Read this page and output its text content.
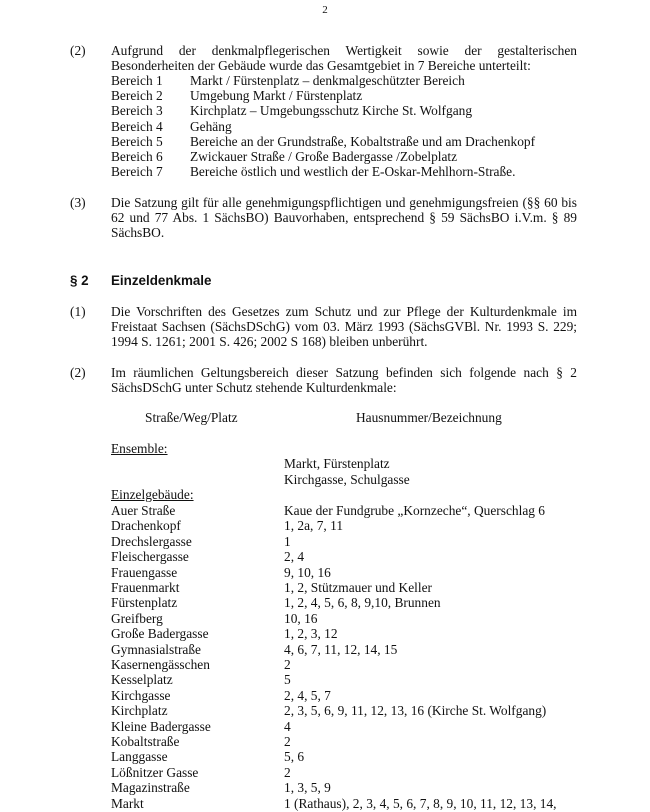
2
(2) Aufgrund der denkmalpflegerischen Wertigkeit sowie der gestalterischen Besonderheiten der Gebäude wurde das Gesamtgebiet in 7 Bereiche unterteilt:
Bereich 1 Markt / Fürstenplatz – denkmalgeschützter Bereich
Bereich 2 Umgebung Markt / Fürstenplatz
Bereich 3 Kirchplatz – Umgebungsschutz Kirche St. Wolfgang
Bereich 4 Gehäng
Bereich 5 Bereiche an der Grundstraße, Kobaltstraße und am Drachenkopf
Bereich 6 Zwickauer Straße / Große Badergasse /Zobelplatz
Bereich 7 Bereiche östlich und westlich der E-Oskar-Mehlhorn-Straße.
(3) Die Satzung gilt für alle genehmigungspflichtigen und genehmigungsfreien (§§ 60 bis 62 und 77 Abs. 1 SächsBO) Bauvorhaben, entsprechend § 59 SächsBO i.V.m. § 89 SächsBO.
§ 2 Einzeldenkmale
(1) Die Vorschriften des Gesetzes zum Schutz und zur Pflege der Kulturdenkmale im Freistaat Sachsen (SächsDSchG) vom 03. März 1993 (SächsGVBl. Nr. 1993 S. 229; 1994 S. 1261; 2001 S. 426; 2002 S 168) bleiben unberührt.
(2) Im räumlichen Geltungsbereich dieser Satzung befinden sich folgende nach § 2 SächsDSchG unter Schutz stehende Kulturdenkmale:
Straße/Weg/Platz	Hausnummer/Bezeichnung
Ensemble:
Markt, Fürstenplatz
Kirchgasse, Schulgasse
Einzelgebäude:
Auer Straße	Kaue der Fundgrube „Kornzeche“, Querschlag 6
Drachenkopf	1, 2a, 7, 11
Drechslergasse	1
Fleischergasse	2, 4
Frauengasse	9, 10, 16
Frauenmarkt	1, 2, Stützmauer und Keller
Fürstenplatz	1, 2, 4, 5, 6, 8, 9,10, Brunnen
Greifberg	10, 16
Große Badergasse	1, 2, 3, 12
Gymnasialstraße	4, 6, 7, 11, 12, 14, 15
Kasernengässchen	2
Kesselplatz	5
Kirchgasse	2, 4, 5, 7
Kirchplatz	2, 3, 5, 6, 9, 11, 12, 13, 16 (Kirche St. Wolfgang)
Kleine Badergasse	4
Kobaltstraße	2
Langgasse	5, 6
Lößnitzer Gasse	2
Magazinstraße	1, 3, 5, 9
Markt	1 (Rathaus), 2, 3, 4, 5, 6, 7, 8, 9, 10, 11, 12, 13, 14,
